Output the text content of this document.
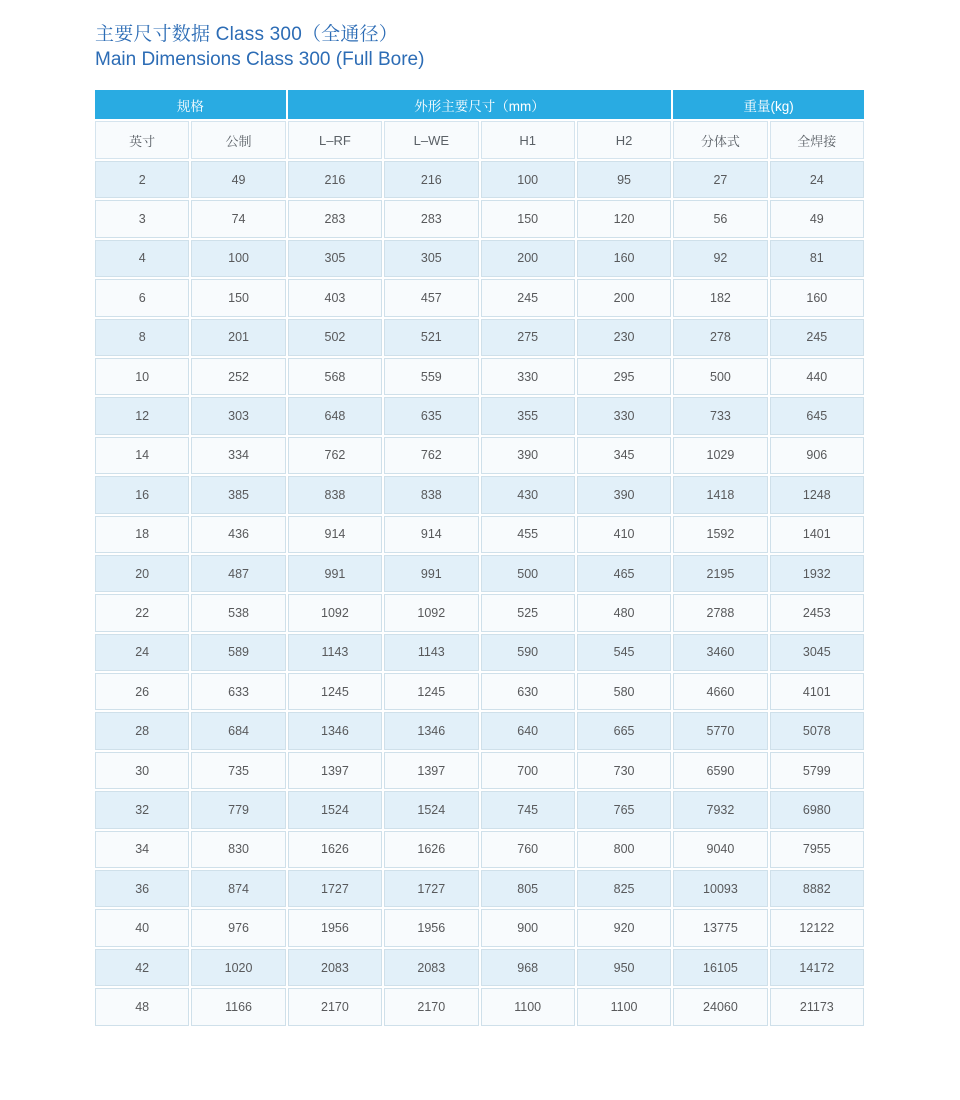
主要尺寸数据 Class 300（全通径）
Main Dimensions Class 300 (Full Bore)
规格		外形主要尺寸（mm）				重量(kg)	
英寸	公制	L–RF	L–WE	H1	H2	分体式	全焊接
2	49	216	216	100	95	27	24
3	74	283	283	150	120	56	49
4	100	305	305	200	160	92	81
6	150	403	457	245	200	182	160
8	201	502	521	275	230	278	245
10	252	568	559	330	295	500	440
12	303	648	635	355	330	733	645
14	334	762	762	390	345	1029	906
16	385	838	838	430	390	1418	1248
18	436	914	914	455	410	1592	1401
20	487	991	991	500	465	2195	1932
22	538	1092	1092	525	480	2788	2453
24	589	1143	1143	590	545	3460	3045
26	633	1245	1245	630	580	4660	4101
28	684	1346	1346	640	665	5770	5078
30	735	1397	1397	700	730	6590	5799
32	779	1524	1524	745	765	7932	6980
34	830	1626	1626	760	800	9040	7955
36	874	1727	1727	805	825	10093	8882
40	976	1956	1956	900	920	13775	12122
42	1020	2083	2083	968	950	16105	14172
48	1166	2170	2170	1100	1100	24060	21173
